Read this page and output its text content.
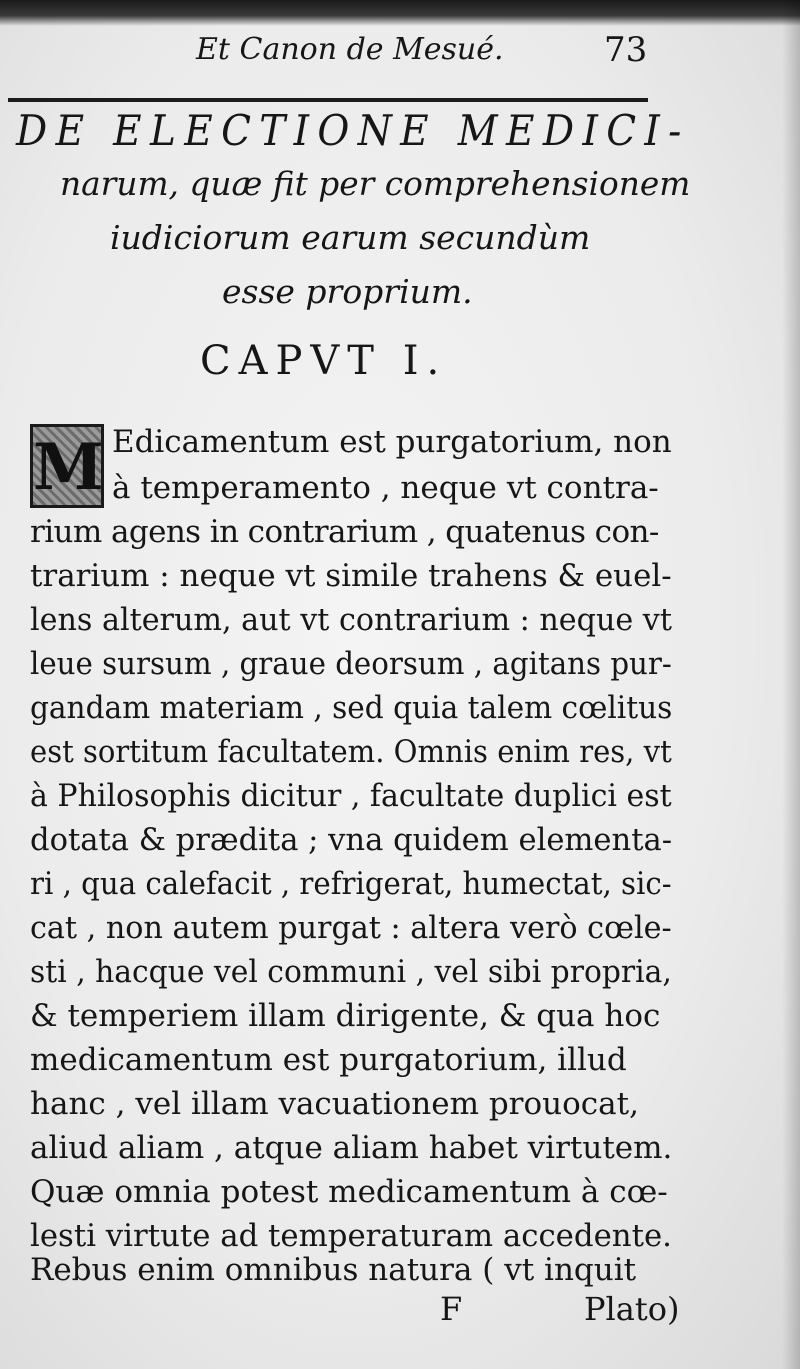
Et Canon de Mesué.	73
DE ELECTIONE MEDICI-
narum, quæ fit per comprehensionem
iudiciorum earum secundùm
esse proprium.
CAPVT I.
M Edicamentum est purgatorium, non
à temperamento , neque vt contra-
rium agens in contrarium , quatenus con-
trarium : neque vt simile trahens & euel-
lens alterum, aut vt contrarium : neque vt
leue sursum , graue deorsum , agitans pur-
gandam materiam , sed quia talem cœlitus
est sortitum facultatem. Omnis enim res, vt
à Philosophis dicitur , facultate duplici est
dotata & prædita ; vna quidem elementa-
ri , qua calefacit , refrigerat, humectat, sic-
cat , non autem purgat : altera verò cœle-
sti , hacque vel communi , vel sibi propria,
& temperiem illam dirigente, & qua hoc
medicamentum est purgatorium, illud
hanc , vel illam vacuationem prouocat,
aliud aliam , atque aliam habet virtutem.
Quæ omnia potest medicamentum à cœ-
lesti virtute ad temperaturam accedente.
Rebus enim omnibus natura ( vt inquit
F	Plato)
